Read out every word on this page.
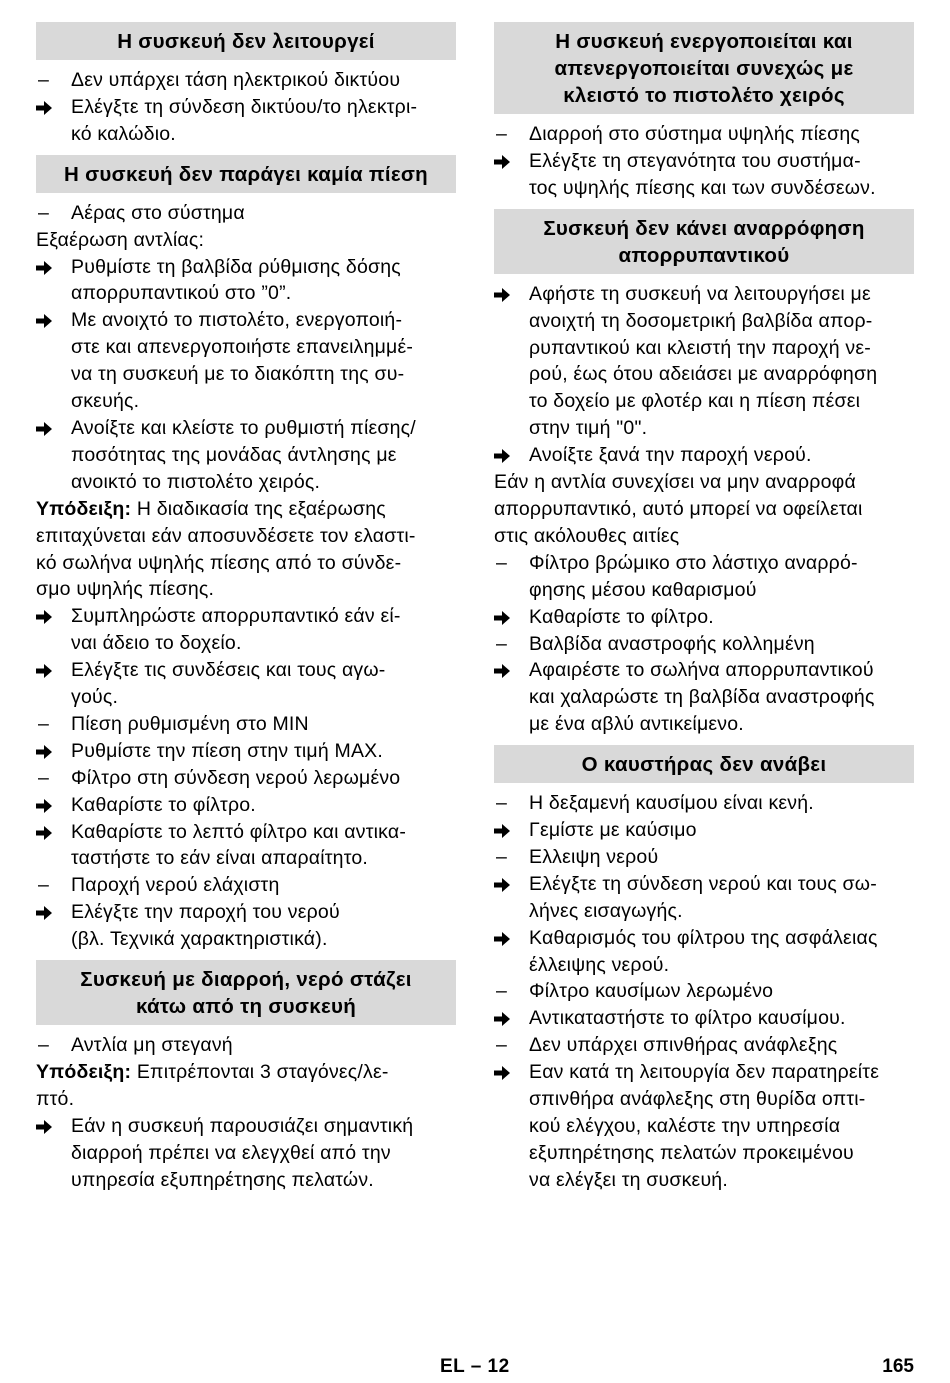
Η συσκευή δεν λειτουργεί
–	Δεν υπάρχει τάση ηλεκτρικού δικτύου
Ελέγξτε τη σύνδεση δικτύου/το ηλεκτρι-
κό καλώδιο.
Η συσκευή δεν παράγει καμία πίεση
–	Αέρας στο σύστημα
Εξαέρωση αντλίας:
Ρυθμίστε τη βαλβίδα ρύθμισης δόσης
απορρυπαντικού στο ”0”.
Με ανοιχτό το πιστολέτο, ενεργοποιή-
στε και απενεργοποιήστε επανειλημμέ-
να τη συσκευή με το διακόπτη της συ-
σκευής.
Ανοίξτε και κλείστε το ρυθμιστή πίεσης/
ποσότητας της μονάδας άντλησης με
ανοικτό το πιστολέτο χειρός.
Υπόδειξη: Η διαδικασία της εξαέρωσης
επιταχύνεται εάν αποσυνδέσετε τον ελαστι-
κό σωλήνα υψηλής πίεσης από το σύνδε-
σμο υψηλής πίεσης.
Συμπληρώστε απορρυπαντικό εάν εί-
ναι άδειο το δοχείο.
Ελέγξτε τις συνδέσεις και τους αγω-
γούς.
–	Πίεση ρυθμισμένη στο MIN
Ρυθμίστε την πίεση στην τιμή MAX.
–	Φίλτρο στη σύνδεση νερού λερωμένο
Καθαρίστε το φίλτρο.
Καθαρίστε το λεπτό φίλτρο και αντικα-
ταστήστε το εάν είναι απαραίτητο.
–	Παροχή νερού ελάχιστη
Ελέγξτε την παροχή του νερού
(βλ. Τεχνικά χαρακτηριστικά).
Συσκευή με διαρροή, νερό στάζει
κάτω από τη συσκευή
–	Αντλία μη στεγανή
Υπόδειξη: Επιτρέπονται 3 σταγόνες/λε-
πτό.
Εάν η συσκευή παρουσιάζει σημαντική
διαρροή πρέπει να ελεγχθεί από την
υπηρεσία εξυπηρέτησης πελατών.
Η συσκευή ενεργοποιείται και
απενεργοποιείται συνεχώς με
κλειστό το πιστολέτο χειρός
–	Διαρροή στο σύστημα υψηλής πίεσης
Ελέγξτε τη στεγανότητα του συστήμα-
τος υψηλής πίεσης και των συνδέσεων.
Συσκευή δεν κάνει αναρρόφηση
απορρυπαντικού
Αφήστε τη συσκευή να λειτουργήσει με
ανοιχτή τη δοσομετρική βαλβίδα απορ-
ρυπαντικού και κλειστή την παροχή νε-
ρού, έως ότου αδειάσει με αναρρόφηση
το δοχείο με φλοτέρ και η πίεση πέσει
στην τιμή "0".
Ανοίξτε ξανά την παροχή νερού.
Εάν η αντλία συνεχίσει να μην αναρροφά
απορρυπαντικό, αυτό μπορεί να οφείλεται
στις ακόλουθες αιτίες
–	Φίλτρο βρώμικο στο λάστιχο αναρρό-
φησης μέσου καθαρισμού
Καθαρίστε το φίλτρο.
–	Βαλβίδα αναστροφής κολλημένη
Αφαιρέστε το σωλήνα απορρυπαντικού
και χαλαρώστε τη βαλβίδα αναστροφής
με ένα αβλύ αντικείμενο.
Ο καυστήρας δεν ανάβει
–	Η δεξαμενή καυσίμου είναι κενή.
Γεμίστε με καύσιμο
–	Ελλειψη νερού
Ελέγξτε τη σύνδεση νερού και τους σω-
λήνες εισαγωγής.
Καθαρισμός του φίλτρου της ασφάλειας
έλλειψης νερού.
–	Φίλτρο καυσίμων λερωμένο
Αντικαταστήστε το φίλτρο καυσίμου.
–	Δεν υπάρχει σπινθήρας ανάφλεξης
Εαν κατά τη λειτουργία δεν παρατηρείτε
σπινθήρα ανάφλεξης στη θυρίδα οπτι-
κού ελέγχου, καλέστε την υπηρεσία
εξυπηρέτησης πελατών προκειμένου
να ελέγξει τη συσκευή.
EL – 12	165
